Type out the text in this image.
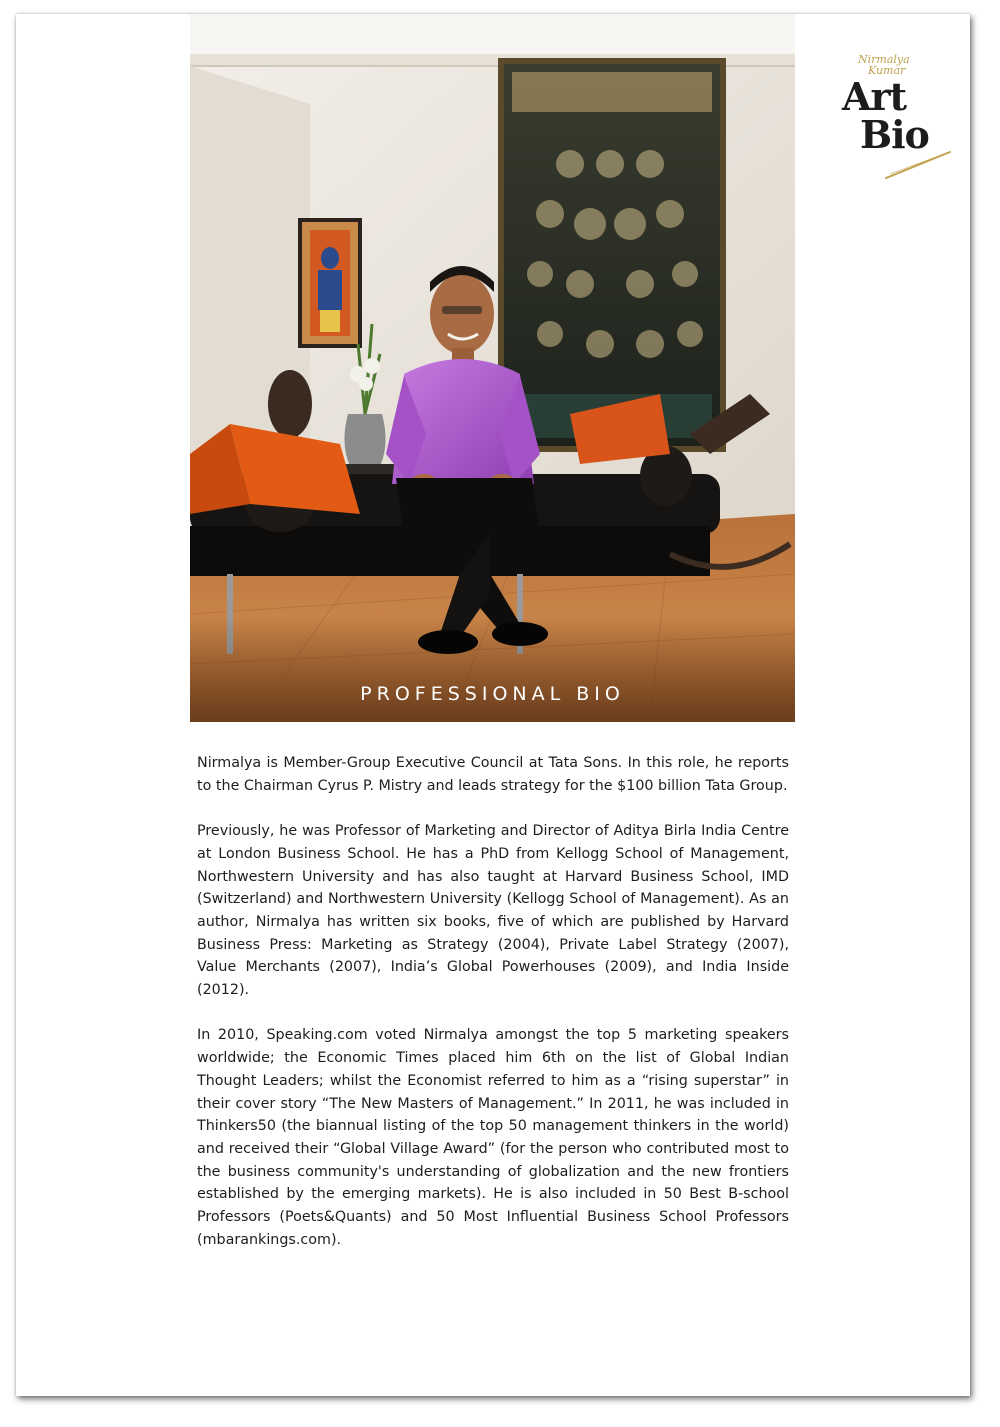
PROFESSIONAL BIO
Nirmalya
Kumar
Art
Bio

Nirmalya is Member-Group Executive Council at Tata Sons. In this role, he reports to the Chairman Cyrus P. Mistry and leads strategy for the $100 billion Tata Group.

Previously, he was Professor of Marketing and Director of Aditya Birla India Centre at London Business School. He has a PhD from Kellogg School of Management, Northwestern University and has also taught at Harvard Business School, IMD (Switzerland) and Northwestern University (Kellogg School of Management). As an author, Nirmalya has written six books, five of which are published by Harvard Business Press: Marketing as Strategy (2004), Private Label Strategy (2007), Value Merchants (2007), India’s Global Powerhouses (2009), and India Inside (2012).

In 2010, Speaking.com voted Nirmalya amongst the top 5 marketing speakers worldwide; the Economic Times placed him 6th on the list of Global Indian Thought Leaders; whilst the Economist referred to him as a “rising superstar” in their cover story “The New Masters of Management.” In 2011, he was included in Thinkers50 (the biannual listing of the top 50 management thinkers in the world) and received their “Global Village Award” (for the person who contributed most to the business community's understanding of globalization and the new frontiers established by the emerging markets). He is also included in 50 Best B-school Professors (Poets&Quants) and 50 Most Influential Business School Professors (mbarankings.com).
